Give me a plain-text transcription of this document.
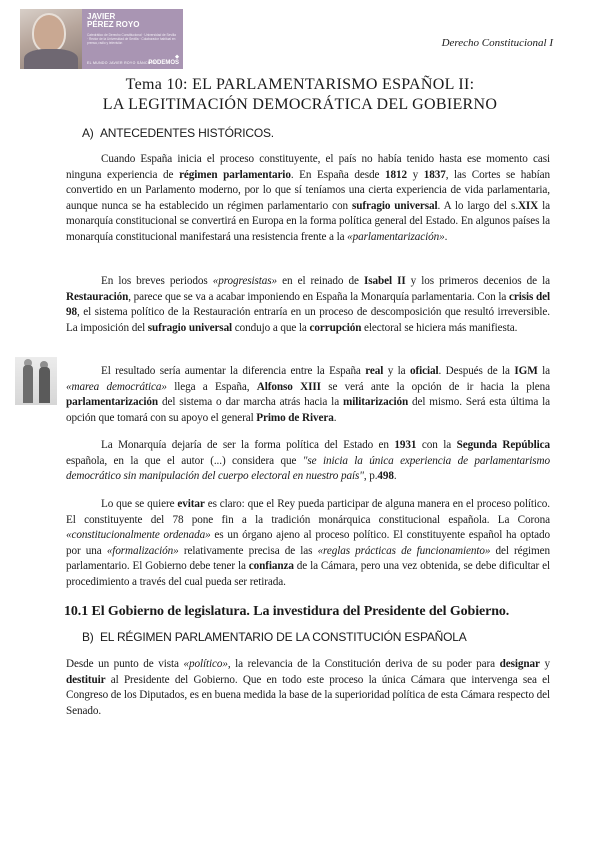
JAVIER
PÉREZ ROYO
Catedrático de Derecho Constitucional · Universidad de Sevilla · Rector de la Universidad de Sevilla · Colaborador habitual en prensa, radio y televisión
EL MUNDO JAVIER ROYO SÁNCHEZ
◆
PODEMOS
Derecho Constitucional I
Tema 10: EL PARLAMENTARISMO ESPAÑOL II:
LA LEGITIMACIÓN DEMOCRÁTICA DEL GOBIERNO
A) ANTECEDENTES HISTÓRICOS.

Cuando España inicia el proceso constituyente, el país no había tenido hasta ese momento casi ninguna experiencia de régimen parlamentario. En España desde 1812 y 1837, las Cortes se habían convertido en un Parlamento moderno, por lo que sí teníamos una cierta experiencia de vida parlamentaria, aunque nunca se ha establecido un régimen parlamentario con sufragio universal. A lo largo del s.XIX la monarquía constitucional se convertirá en Europa en la forma política general del Estado. En algunos países la monarquía constitucional manifestará una resistencia frente a la «parlamentarización».

En los breves periodos «progresistas» en el reinado de Isabel II y los primeros decenios de la Restauración, parece que se va a acabar imponiendo en España la Monarquía parlamentaria. Con la crisis del 98, el sistema político de la Restauración entraría en un proceso de descomposición que resultó irreversible. La imposición del sufragio universal condujo a que la corrupción electoral se hiciera más manifiesta.

El resultado sería aumentar la diferencia entre la España real y la oficial. Después de la IGM la «marea democrática» llega a España, Alfonso XIII se verá ante la opción de ir hacia la plena parlamentarización del sistema o dar marcha atrás hacia la militarización del mismo. Será esta última la opción que tomará con su apoyo el general Primo de Rivera.

La Monarquía dejaría de ser la forma política del Estado en 1931 con la Segunda República española, en la que el autor (...) considera que "se inicia la única experiencia de parlamentarismo democrático sin manipulación del cuerpo electoral en nuestro país", p.498.

Lo que se quiere evitar es claro: que el Rey pueda participar de alguna manera en el proceso político. El constituyente del 78 pone fin a la tradición monárquica constitucional española. La Corona «constitucionalmente ordenada» es un órgano ajeno al proceso político. El constituyente español ha optado por una «formalización» relativamente precisa de las «reglas prácticas de funcionamiento» del régimen parlamentario. El Gobierno debe tener la confianza de la Cámara, pero una vez obtenida, se debe dificultar el procedimiento a través del cual pueda ser retirada.

10.1 El Gobierno de legislatura. La investidura del Presidente del Gobierno.
B) EL RÉGIMEN PARLAMENTARIO DE LA CONSTITUCIÓN ESPAÑOLA

Desde un punto de vista «político», la relevancia de la Constitución deriva de su poder para designar y destituir al Presidente del Gobierno. Que en todo este proceso la única Cámara que intervenga sea el Congreso de los Diputados, es en buena medida la base de la superioridad política de esta Cámara respecto del Senado.
